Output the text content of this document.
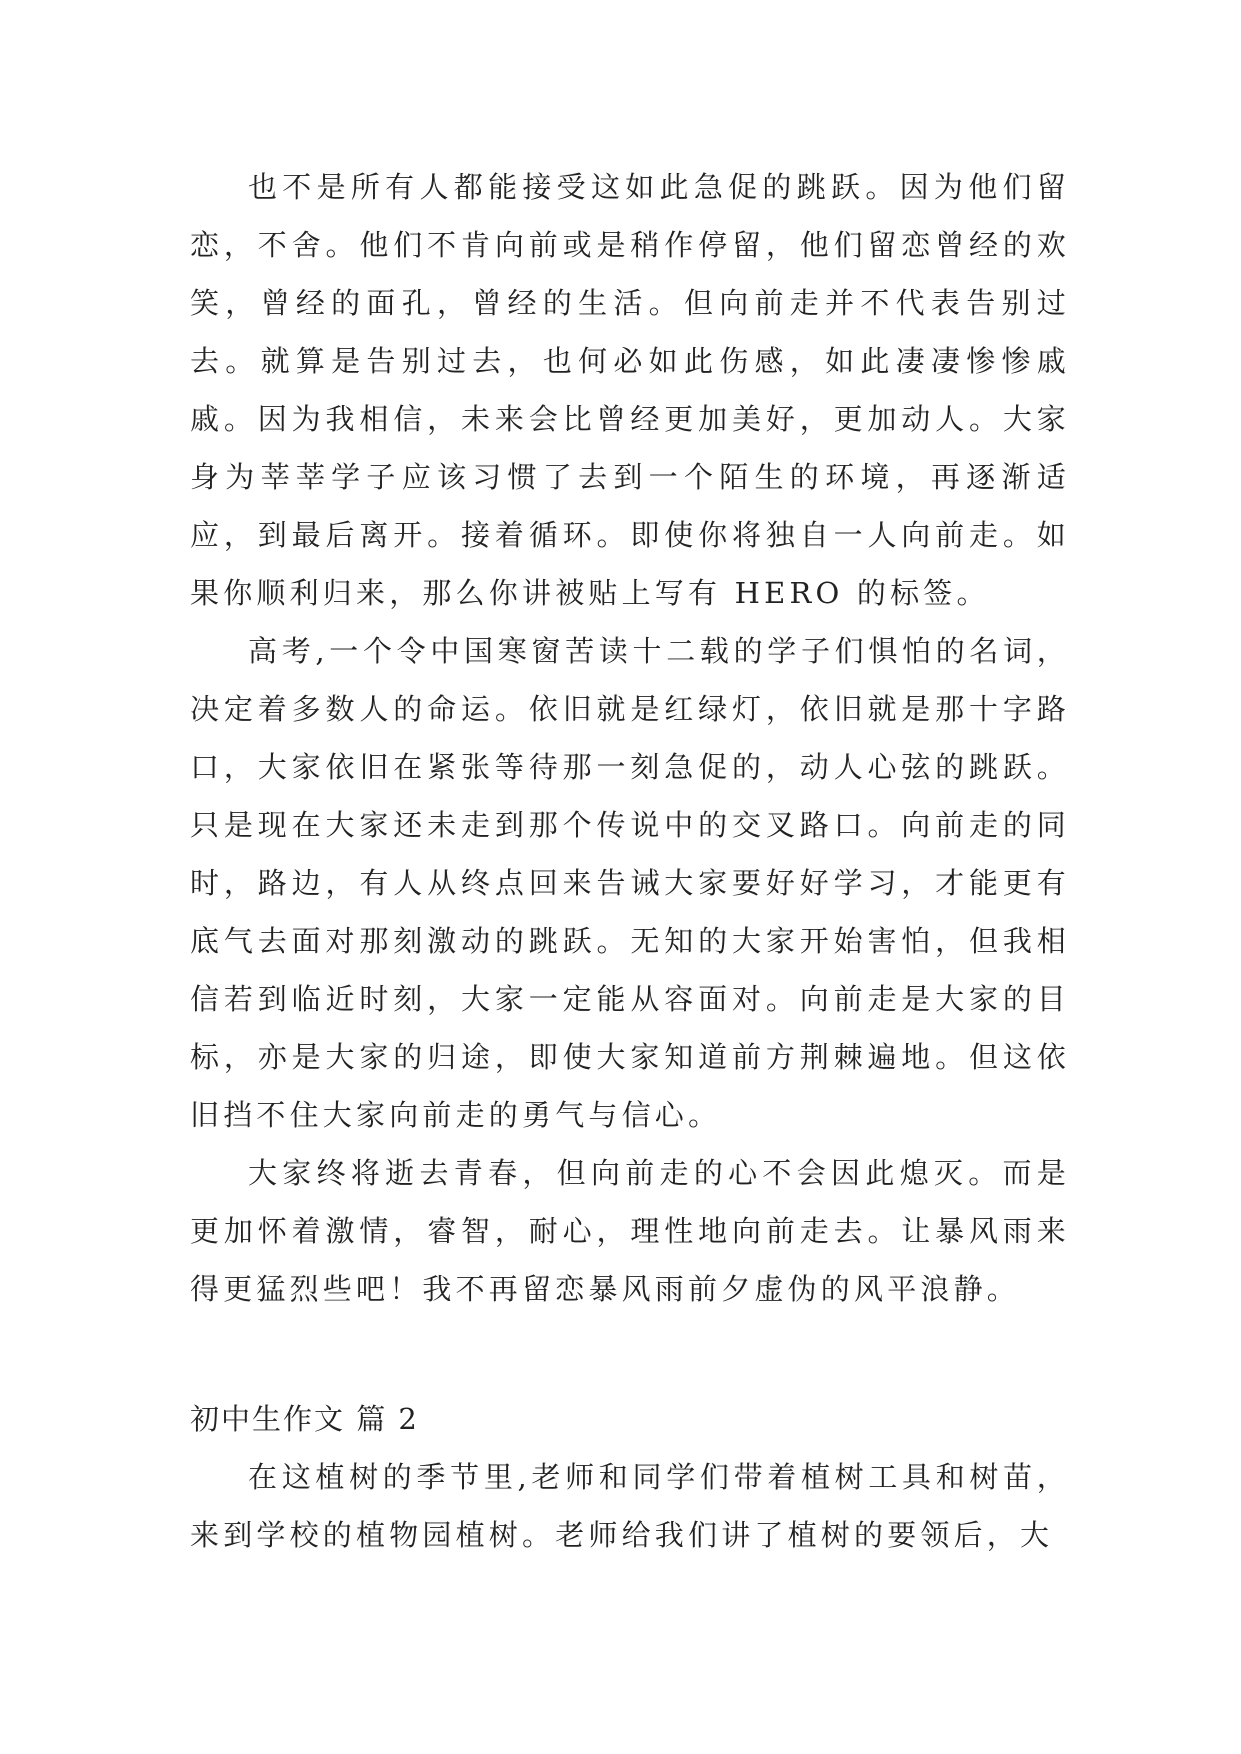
也不是所有人都能接受这如此急促的跳跃。因为他们留恋，不舍。他们不肯向前或是稍作停留，他们留恋曾经的欢笑，曾经的面孔，曾经的生活。但向前走并不代表告别过去。就算是告别过去，也何必如此伤感，如此凄凄惨惨戚戚。因为我相信，未来会比曾经更加美好，更加动人。大家身为莘莘学子应该习惯了去到一个陌生的环境，再逐渐适应，到最后离开。接着循环。即使你将独自一人向前走。如果你顺利归来，那么你讲被贴上写有 HERO 的标签。

高考,一个令中国寒窗苦读十二载的学子们惧怕的名词，决定着多数人的命运。依旧就是红绿灯，依旧就是那十字路口，大家依旧在紧张等待那一刻急促的，动人心弦的跳跃。只是现在大家还未走到那个传说中的交叉路口。向前走的同时，路边，有人从终点回来告诫大家要好好学习，才能更有底气去面对那刻激动的跳跃。无知的大家开始害怕，但我相信若到临近时刻，大家一定能从容面对。向前走是大家的目标，亦是大家的归途，即使大家知道前方荆棘遍地。但这依旧挡不住大家向前走的勇气与信心。

大家终将逝去青春，但向前走的心不会因此熄灭。而是更加怀着激情，睿智，耐心，理性地向前走去。让暴风雨来得更猛烈些吧！我不再留恋暴风雨前夕虚伪的风平浪静。

初中生作文 篇 2

在这植树的季节里,老师和同学们带着植树工具和树苗，来到学校的植物园植树。老师给我们讲了植树的要领后，大
